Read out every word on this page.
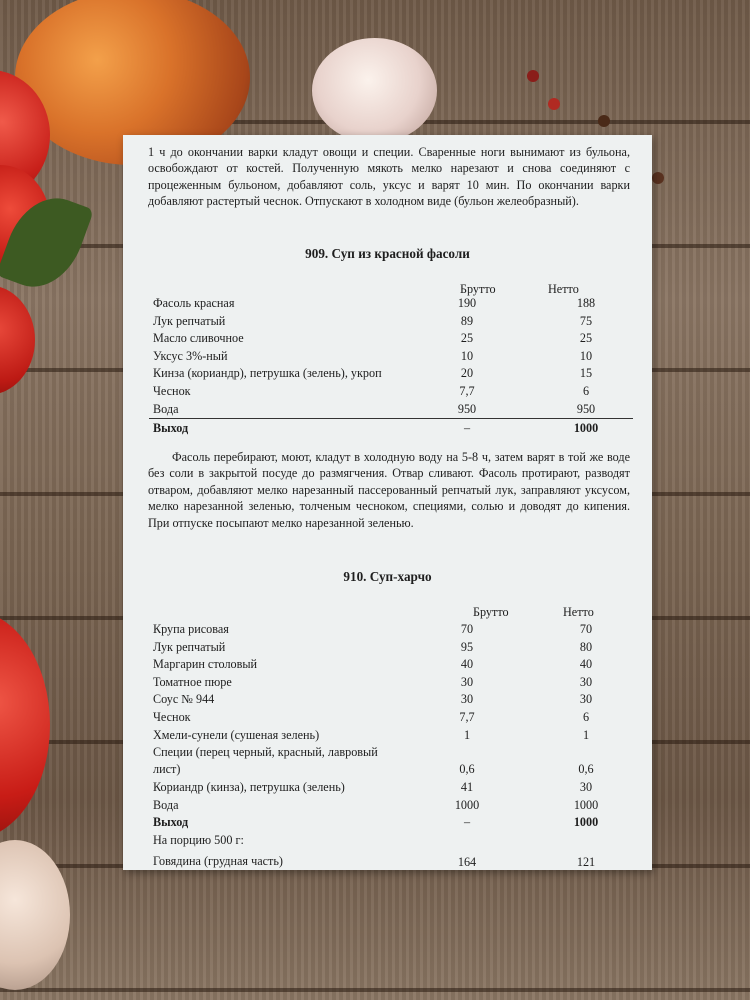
1 ч до окончании варки кладут овощи и специи. Сваренные ноги вынимают из бульона, освобождают от костей. Полученную мякоть мелко нарезают и снова соединяют с процеженным бульоном, добавляют соль, уксус и варят 10 мин. По окончании варки добавляют растертый чеснок. Отпускают в холодном виде (бульон желеобразный).
909. Суп из красной фасоли
Брутто	Нетто
Фасоль красная	190	188
Лук репчатый	89	75
Масло сливочное	25	25
Уксус 3%-ный	10	10
Кинза (кориандр), петрушка (зелень), укроп	20	15
Чеснок	7,7	6
Вода	950	950
Выход	–	1000
Фасоль перебирают, моют, кладут в холодную воду на 5-8 ч, затем варят в той же воде без соли в закрытой посуде до размягчения. Отвар сливают. Фасоль протирают, разводят отваром, добавляют мелко нарезанный пассерованный репчатый лук, заправляют уксусом, мелко нарезанной зеленью, толченым чесноком, специями, солью и доводят до кипения. При отпуске посыпают мелко нарезанной зеленью.
910. Суп-харчо
Брутто	Нетто
Крупа рисовая	70	70
Лук репчатый	95	80
Маргарин столовый	40	40
Томатное пюре	30	30
Соус № 944	30	30
Чеснок	7,7	6
Хмели-сунели (сушеная зелень)	1	1
Специи (перец черный, красный, лавровый
лист)	0,6	0,6
Кориандр (кинза), петрушка (зелень)	41	30
Вода	1000	1000
Выход	–	1000
На порцию 500 г:
Говядина (грудная часть)	164	121
